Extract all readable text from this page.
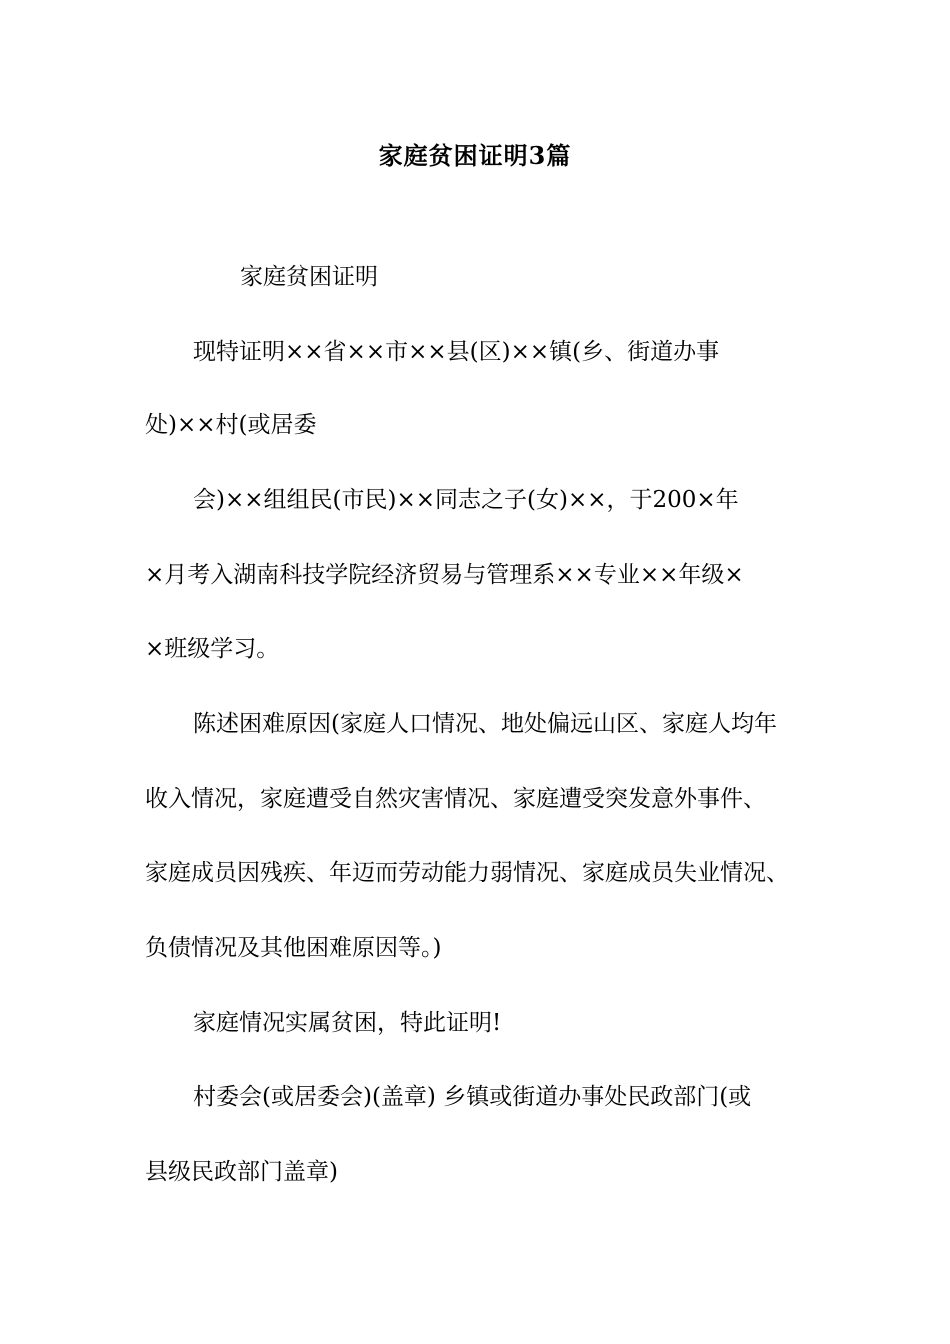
家庭贫困证明3篇
家庭贫困证明
现特证明××省××市××县(区)××镇(乡、街道办事
处)××村(或居委
会)××组组民(市民)××同志之子(女)××，于200×年
×月考入湖南科技学院经济贸易与管理系××专业××年级×
×班级学习。
陈述困难原因(家庭人口情况、地处偏远山区、家庭人均年
收入情况，家庭遭受自然灾害情况、家庭遭受突发意外事件、
家庭成员因残疾、年迈而劳动能力弱情况、家庭成员失业情况、
负债情况及其他困难原因等。)
家庭情况实属贫困，特此证明!
村委会(或居委会)(盖章) 乡镇或街道办事处民政部门(或
县级民政部门盖章)
